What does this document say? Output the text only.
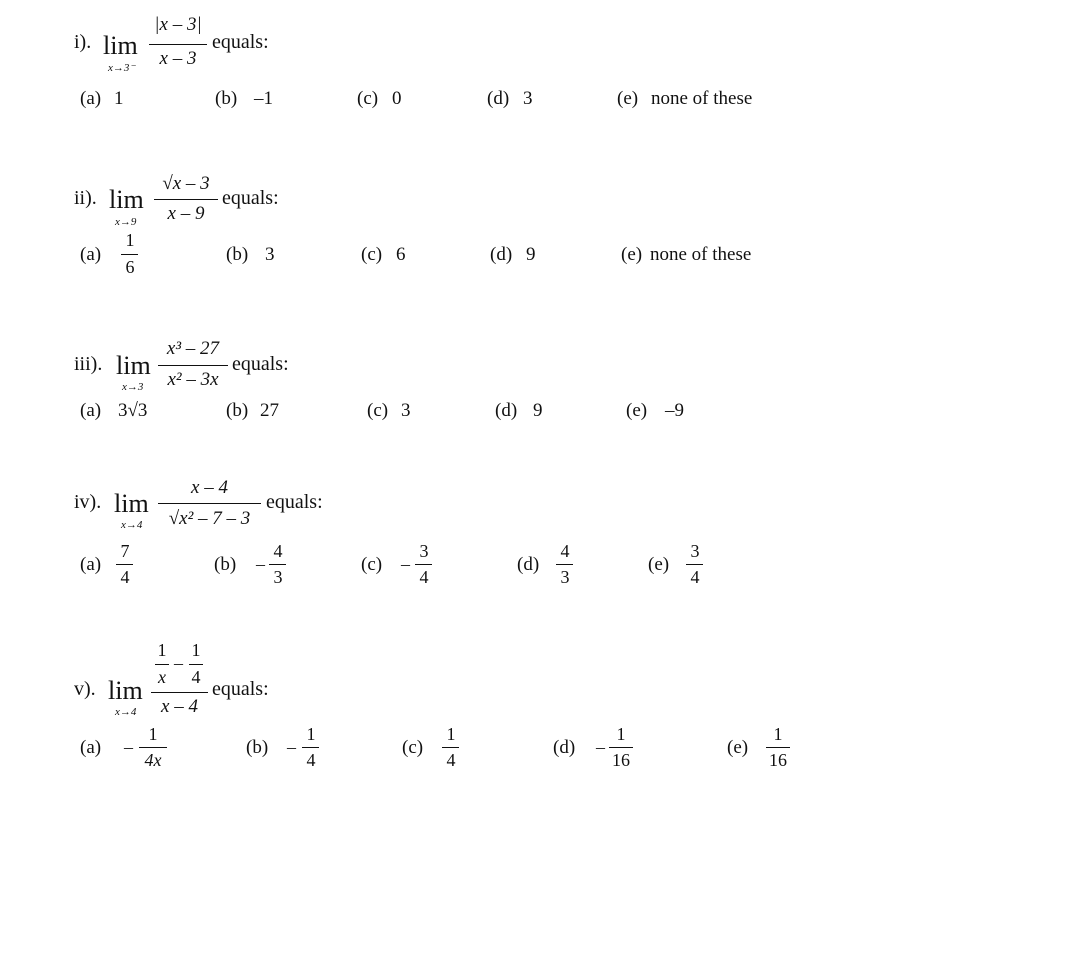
i). lim
x→3⁻
|x – 3|
x – 3
equals:
(a) 1	(b) –1	(c) 0	(d) 3	(e) none of these
ii). lim
x→9
√x – 3
x – 9
equals:
(a)
1
6
(b) 3	(c) 6	(d) 9	(e) none of these
iii). lim
x→3
x³ – 27
x² – 3x
equals:
(a) 3√3	(b) 27	(c) 3	(d) 9	(e) –9
iv). lim
x→4
x – 4
√x² – 7 – 3
equals:
(a)
7
4
(b) –
4
3
(c) –
3
4
(d)
4
3
(e)
3
4
v). lim
x→4
1
x
–
1
4
x – 4
equals:
(a) –
1
4x
(b) –
1
4
(c)
1
4
(d) –
1
16
(e)
1
16
